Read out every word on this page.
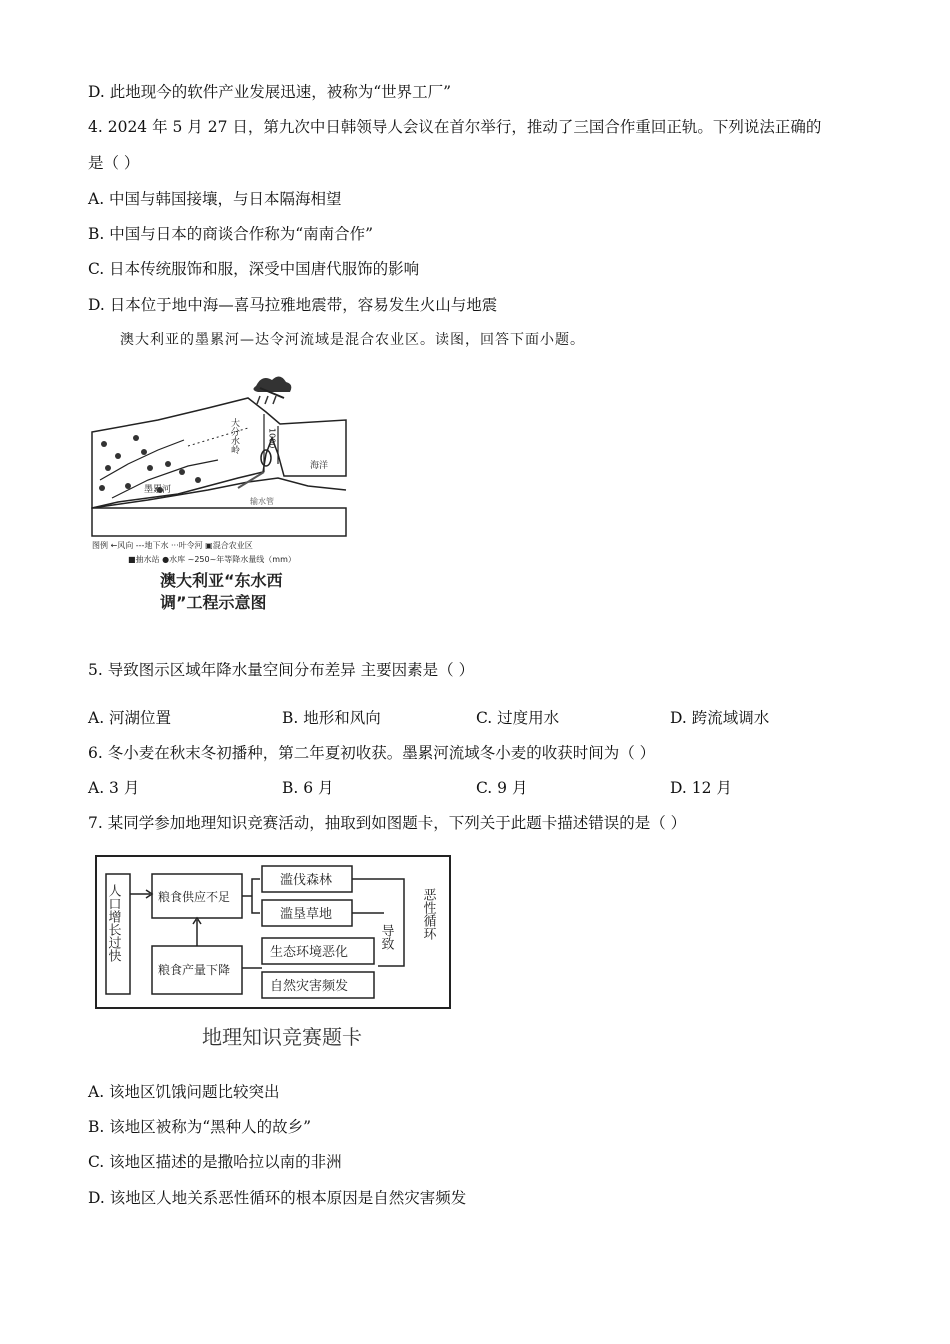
D. 此地现今的软件产业发展迅速，被称为“世界工厂”
4. 2024 年 5 月 27 日，第九次中日韩领导人会议在首尔举行，推动了三国合作重回正轨。下列说法正确的
是（ ）
A. 中国与韩国接壤，与日本隔海相望
B. 中国与日本的商谈合作称为“南南合作”
C. 日本传统服饰和服，深受中国唐代服饰的影响
D. 日本位于地中海—喜马拉雅地震带，容易发生火山与地震
澳大利亚的墨累河—达令河流域是混合农业区。读图，回答下面小题。
大分水岭
海洋
输水管
墨累河
1000
图例 ←风向 ---地下水 ···叶令河 ▣混合农业区
■抽水站 ●水库 ~250~年等降水量线（mm）
澳大利亚“东水西
调”工程示意图
5. 导致图示区域年降水量空间分布差异 主要因素是（ ）
A. 河湖位置	B. 地形和风向	C. 过度用水	D. 跨流域调水
6. 冬小麦在秋末冬初播种，第二年夏初收获。墨累河流域冬小麦的收获时间为（ ）
A. 3 月	B. 6 月	C. 9 月	D. 12 月
7. 某同学参加地理知识竞赛活动，抽取到如图题卡，下列关于此题卡描述错误的是（ ）
人口增长过快	粮食供应不足
滥伐森林
滥垦草地
生态环境恶化
自然灾害频发
粮食产量下降
导致 恶性循环
地理知识竞赛题卡
A. 该地区饥饿问题比较突出
B. 该地区被称为“黑种人的故乡”
C. 该地区描述的是撒哈拉以南的非洲
D. 该地区人地关系恶性循环的根本原因是自然灾害频发
